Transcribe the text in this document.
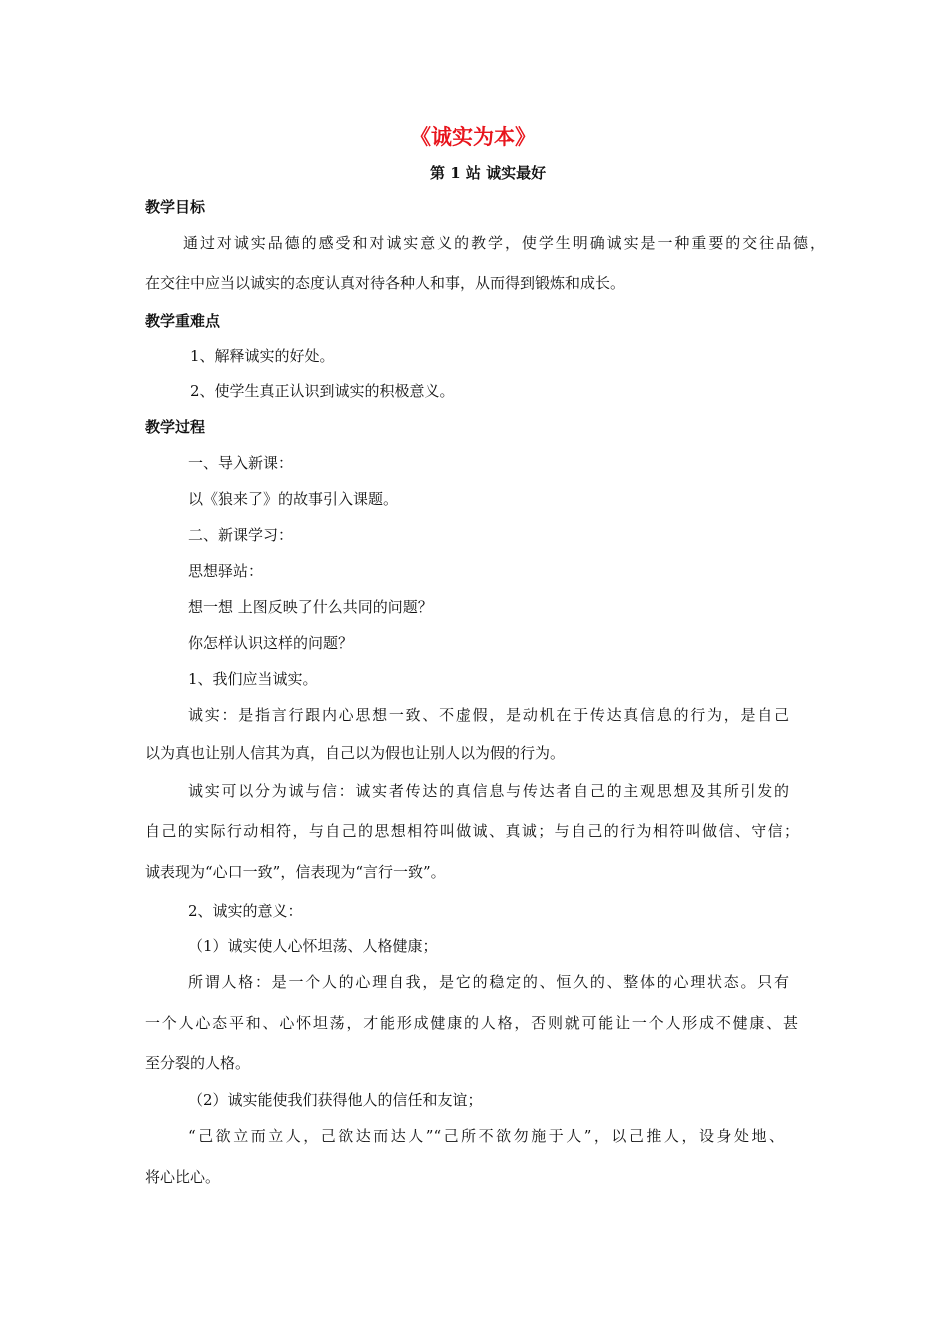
《诚实为本》
第 1 站 诚实最好
教学目标
通过对诚实品德的感受和对诚实意义的教学，使学生明确诚实是一种重要的交往品德，
在交往中应当以诚实的态度认真对待各种人和事，从而得到锻炼和成长。
教学重难点
1、解释诚实的好处。
2、使学生真正认识到诚实的积极意义。
教学过程
一、导入新课：
以《狼来了》的故事引入课题。
二、新课学习：
思想驿站：
想一想 上图反映了什么共同的问题？
你怎样认识这样的问题？
1、我们应当诚实。
诚实：是指言行跟内心思想一致、不虚假，是动机在于传达真信息的行为，是自己
以为真也让别人信其为真，自己以为假也让别人以为假的行为。
诚实可以分为诚与信：诚实者传达的真信息与传达者自己的主观思想及其所引发的
自己的实际行动相符，与自己的思想相符叫做诚、真诚；与自己的行为相符叫做信、守信；
诚表现为“心口一致”，信表现为“言行一致”。
2、诚实的意义：
（1）诚实使人心怀坦荡、人格健康；
所谓人格：是一个人的心理自我，是它的稳定的、恒久的、整体的心理状态。只有
一个人心态平和、心怀坦荡，才能形成健康的人格，否则就可能让一个人形成不健康、甚
至分裂的人格。
（2）诚实能使我们获得他人的信任和友谊；
“己欲立而立人，己欲达而达人”“己所不欲勿施于人”，以己推人，设身处地、
将心比心。
